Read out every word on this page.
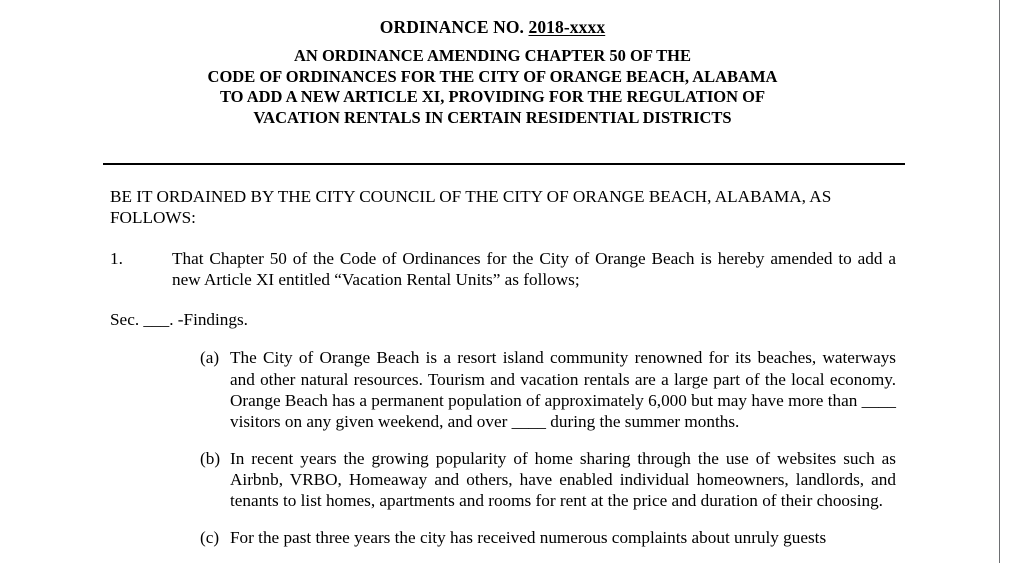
ORDINANCE NO. 2018-xxxx
AN ORDINANCE AMENDING CHAPTER 50 OF THE
CODE OF ORDINANCES FOR THE CITY OF ORANGE BEACH, ALABAMA
TO ADD A NEW ARTICLE XI, PROVIDING FOR THE REGULATION OF
VACATION RENTALS IN CERTAIN RESIDENTIAL DISTRICTS

BE IT ORDAINED BY THE CITY COUNCIL OF THE CITY OF ORANGE BEACH, ALABAMA, AS FOLLOWS:

1.	That Chapter 50 of the Code of Ordinances for the City of Orange Beach is hereby amended to add a new Article XI entitled “Vacation Rental Units” as follows;

Sec. ___. -Findings.

(a) The City of Orange Beach is a resort island community renowned for its beaches, waterways and other natural resources. Tourism and vacation rentals are a large part of the local economy. Orange Beach has a permanent population of approximately 6,000 but may have more than ____ visitors on any given weekend, and over ____ during the summer months.
(b) In recent years the growing popularity of home sharing through the use of websites such as Airbnb, VRBO, Homeaway and others, have enabled individual homeowners, landlords, and tenants to list homes, apartments and rooms for rent at the price and duration of their choosing.
(c) For the past three years the city has received numerous complaints about unruly guests
